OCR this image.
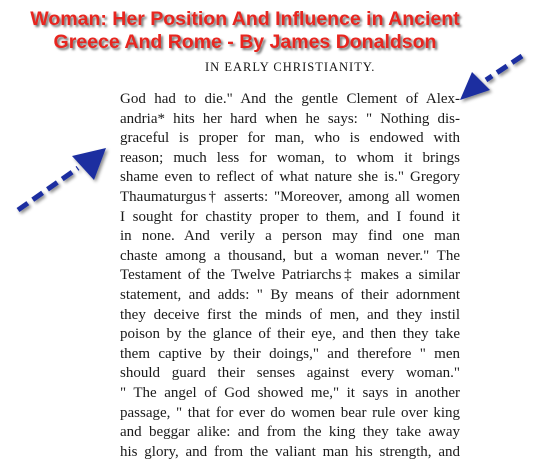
Woman: Her Position And Influence in Ancient
Greece And Rome - By James Donaldson
IN EARLY CHRISTIANITY.
God had to die." And the gentle Clement of Alex-
andria* hits her hard when he says: " Nothing dis-
graceful is proper for man, who is endowed with
reason; much less for woman, to whom it brings
shame even to reflect of what nature she is." Gregory
Thaumaturgus† asserts: "Moreover, among all women
I sought for chastity proper to them, and I found it
in none. And verily a person may find one man
chaste among a thousand, but a woman never." The
Testament of the Twelve Patriarchs‡ makes a similar
statement, and adds: " By means of their adornment
they deceive first the minds of men, and they instil
poison by the glance of their eye, and then they take
them captive by their doings," and therefore " men
should guard their senses against every woman."
" The angel of God showed me," it says in another
passage, " that for ever do women bear rule over king
and beggar alike: and from the king they take away
his glory, and from the valiant man his strength, and
